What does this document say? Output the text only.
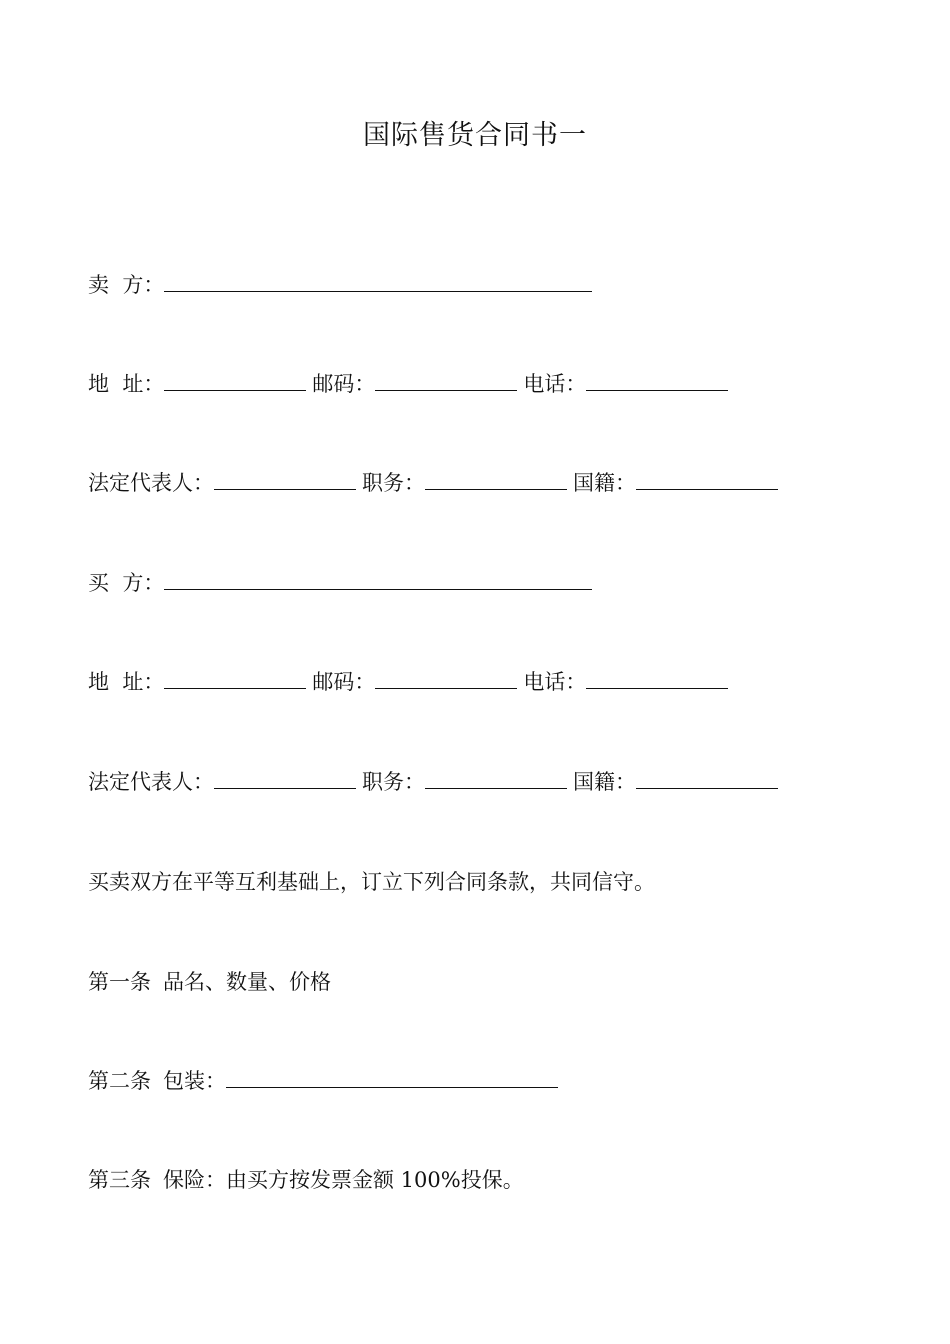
国际售货合同书一
卖  方：
地  址：	邮码：	电话：
法定代表人：	职务：	国籍：
买  方：
地  址：	邮码：	电话：
法定代表人：	职务：	国籍：
买卖双方在平等互利基础上，订立下列合同条款，共同信守。
第一条 品名、数量、价格
第二条 包装：
第三条 保险：由买方按发票金额 100%投保。
